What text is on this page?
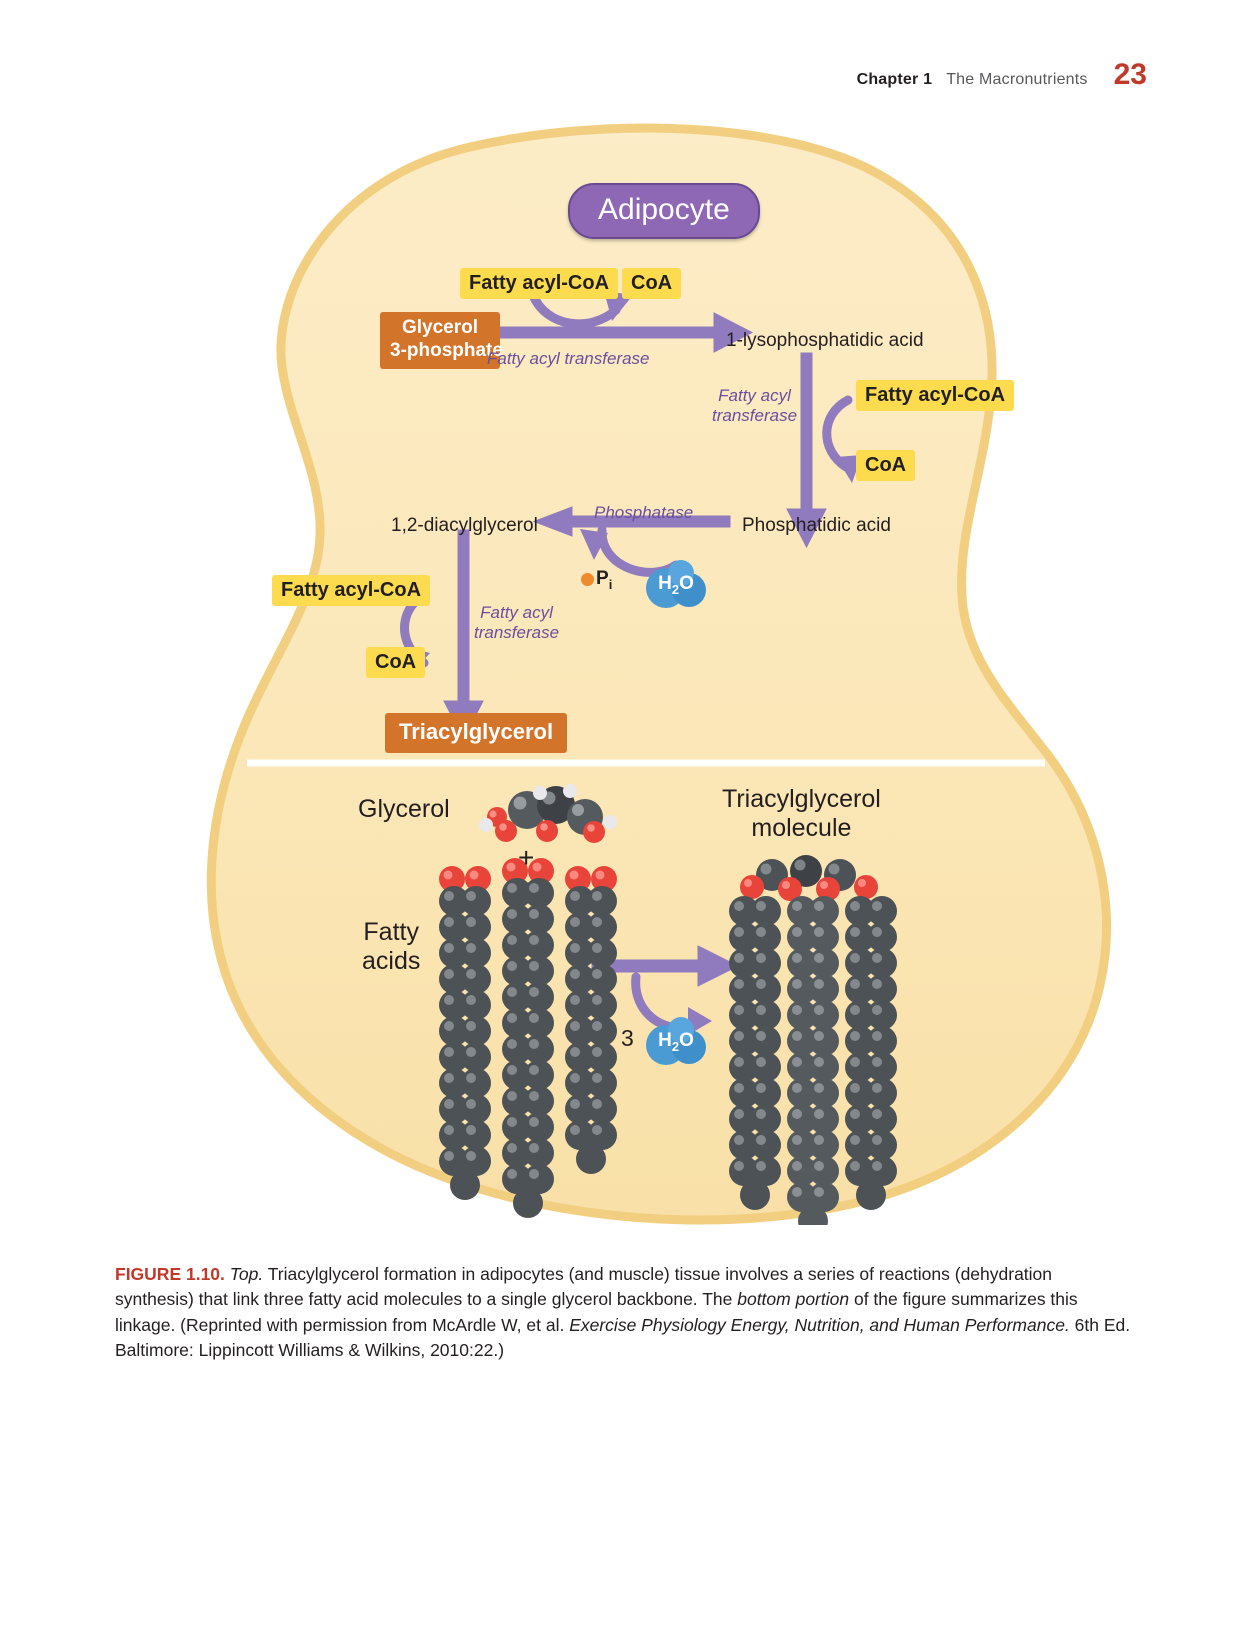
Chapter 1 The Macronutrients 23
Adipocyte
Fatty acyl-CoA	CoA
Glycerol
3-phosphate
Fatty acyl transferase
1-lysophosphatidic acid
Fatty acyl-CoA
CoA
Fatty acyl
transferase
Phosphatidic acid
Phosphatase
1,2-diacylglycerol
$P_i$ $H_2O$
Fatty acyl-CoA
CoA
Fatty acyl
transferase
Triacylglycerol
Glycerol
+
Fatty
acids
Triacylglycerol
molecule
3 $H_2O$
FIGURE 1.10. Top. Triacylglycerol formation in adipocytes (and muscle) tissue involves a series of reactions (dehydration synthesis) that link three fatty acid molecules to a single glycerol backbone. The bottom portion of the figure summarizes this linkage. (Reprinted with permission from McArdle W, et al. Exercise Physiology Energy, Nutrition, and Human Performance. 6th Ed. Baltimore: Lippincott Williams & Wilkins, 2010:22.)
